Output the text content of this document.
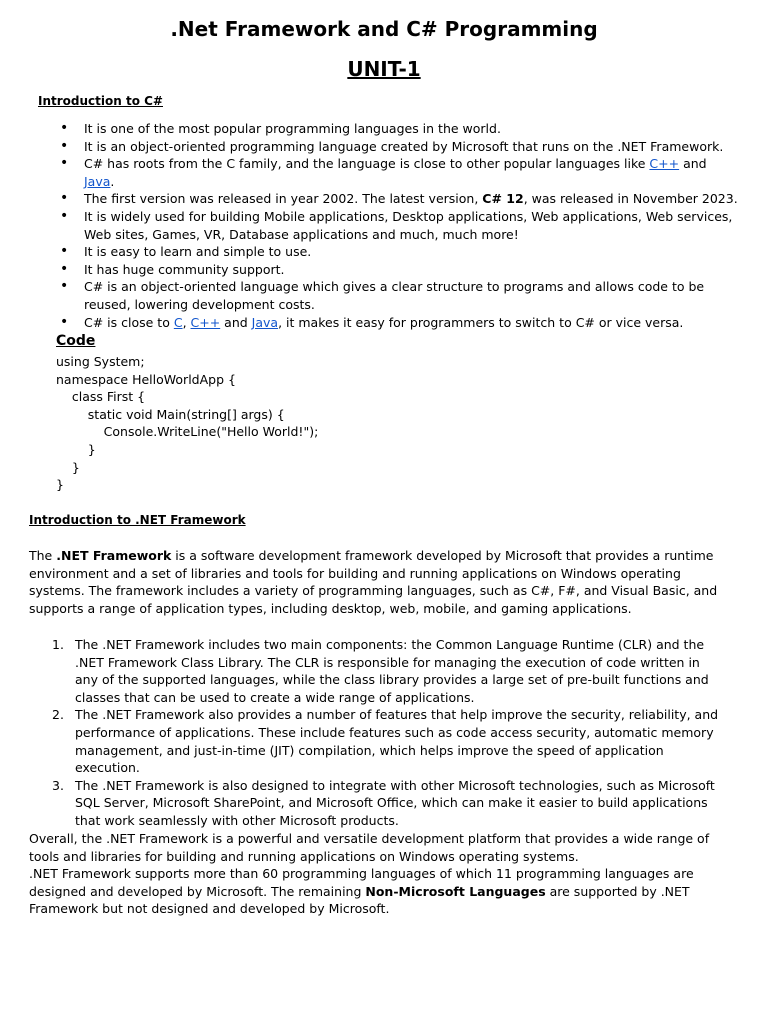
.Net Framework and C# Programming
UNIT-1
Introduction to C#
• It is one of the most popular programming languages in the world.
• It is an object-oriented programming language created by Microsoft that runs on the .NET Framework.
• C# has roots from the C family, and the language is close to other popular languages like C++ and Java.
• The first version was released in year 2002. The latest version, C# 12, was released in November 2023.
• It is widely used for building Mobile applications, Desktop applications, Web applications, Web services, Web sites, Games, VR, Database applications and much, much more!
• It is easy to learn and simple to use.
• It has huge community support.
• C# is an object-oriented language which gives a clear structure to programs and allows code to be reused, lowering development costs.
• C# is close to C, C++ and Java, it makes it easy for programmers to switch to C# or vice versa.
Code
using System;
namespace HelloWorldApp {
class First {
static void Main(string[] args) {
Console.WriteLine("Hello World!");
}
}
}
Introduction to .NET Framework

The .NET Framework is a software development framework developed by Microsoft that provides a runtime environment and a set of libraries and tools for building and running applications on Windows operating systems. The framework includes a variety of programming languages, such as C#, F#, and Visual Basic, and supports a range of application types, including desktop, web, mobile, and gaming applications.

1. The .NET Framework includes two main components: the Common Language Runtime (CLR) and the .NET Framework Class Library. The CLR is responsible for managing the execution of code written in any of the supported languages, while the class library provides a large set of pre-built functions and classes that can be used to create a wide range of applications.
2. The .NET Framework also provides a number of features that help improve the security, reliability, and performance of applications. These include features such as code access security, automatic memory management, and just-in-time (JIT) compilation, which helps improve the speed of application execution.
3. The .NET Framework is also designed to integrate with other Microsoft technologies, such as Microsoft SQL Server, Microsoft SharePoint, and Microsoft Office, which can make it easier to build applications that work seamlessly with other Microsoft products.
Overall, the .NET Framework is a powerful and versatile development platform that provides a wide range of tools and libraries for building and running applications on Windows operating systems.
.NET Framework supports more than 60 programming languages of which 11 programming languages are designed and developed by Microsoft. The remaining Non-Microsoft Languages are supported by .NET Framework but not designed and developed by Microsoft.
